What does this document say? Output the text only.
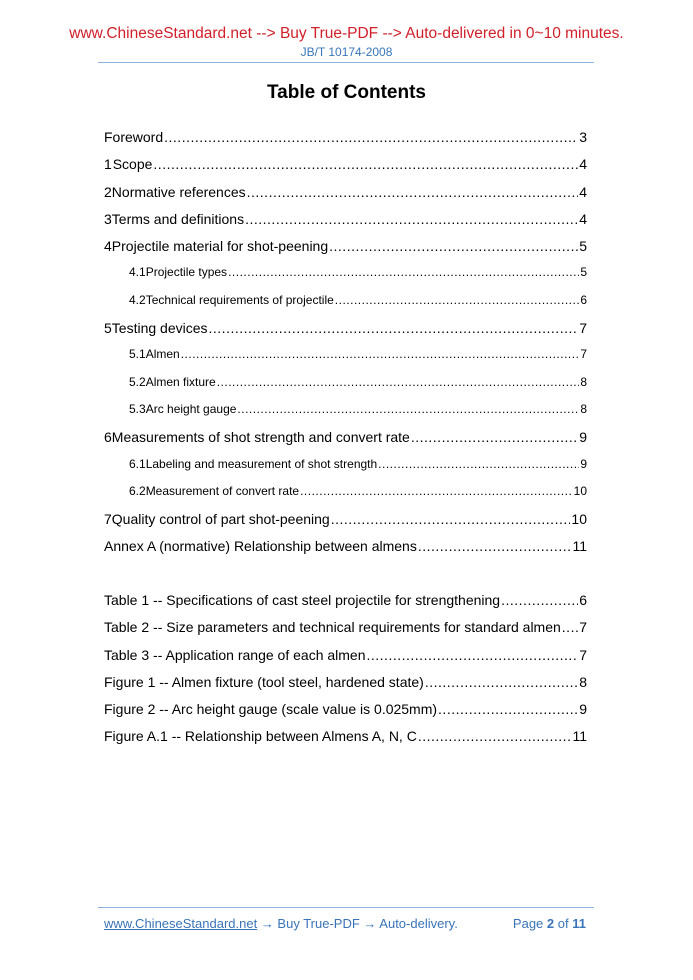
www.ChineseStandard.net --> Buy True-PDF --> Auto-delivered in 0~10 minutes.
JB/T 10174-2008
Table of Contents
Foreword .....	3
1 Scope .....	4
2 Normative references .....	4
3 Terms and definitions .....	4
4 Projectile material for shot-peening .....	5
4.1 Projectile types .....	5
4.2 Technical requirements of projectile .....	6
5 Testing devices .....	7
5.1 Almen .....	7
5.2 Almen fixture .....	8
5.3 Arc height gauge .....	8
6 Measurements of shot strength and convert rate .....	9
6.1 Labeling and measurement of shot strength .....	9
6.2 Measurement of convert rate .....	10
7 Quality control of part shot-peening .....	10
Annex A (normative) Relationship between almens .....	11
Table 1 -- Specifications of cast steel projectile for strengthening .....	6
Table 2 -- Size parameters and technical requirements for standard almen ..... 7
Table 3 -- Application range of each almen .....	7
Figure 1 -- Almen fixture (tool steel, hardened state) .....	8
Figure 2 -- Arc height gauge (scale value is 0.025mm) .....	9
Figure A.1 -- Relationship between Almens A, N, C .....	11
www.ChineseStandard.net → Buy True-PDF → Auto-delivery.	Page 2 of 11
